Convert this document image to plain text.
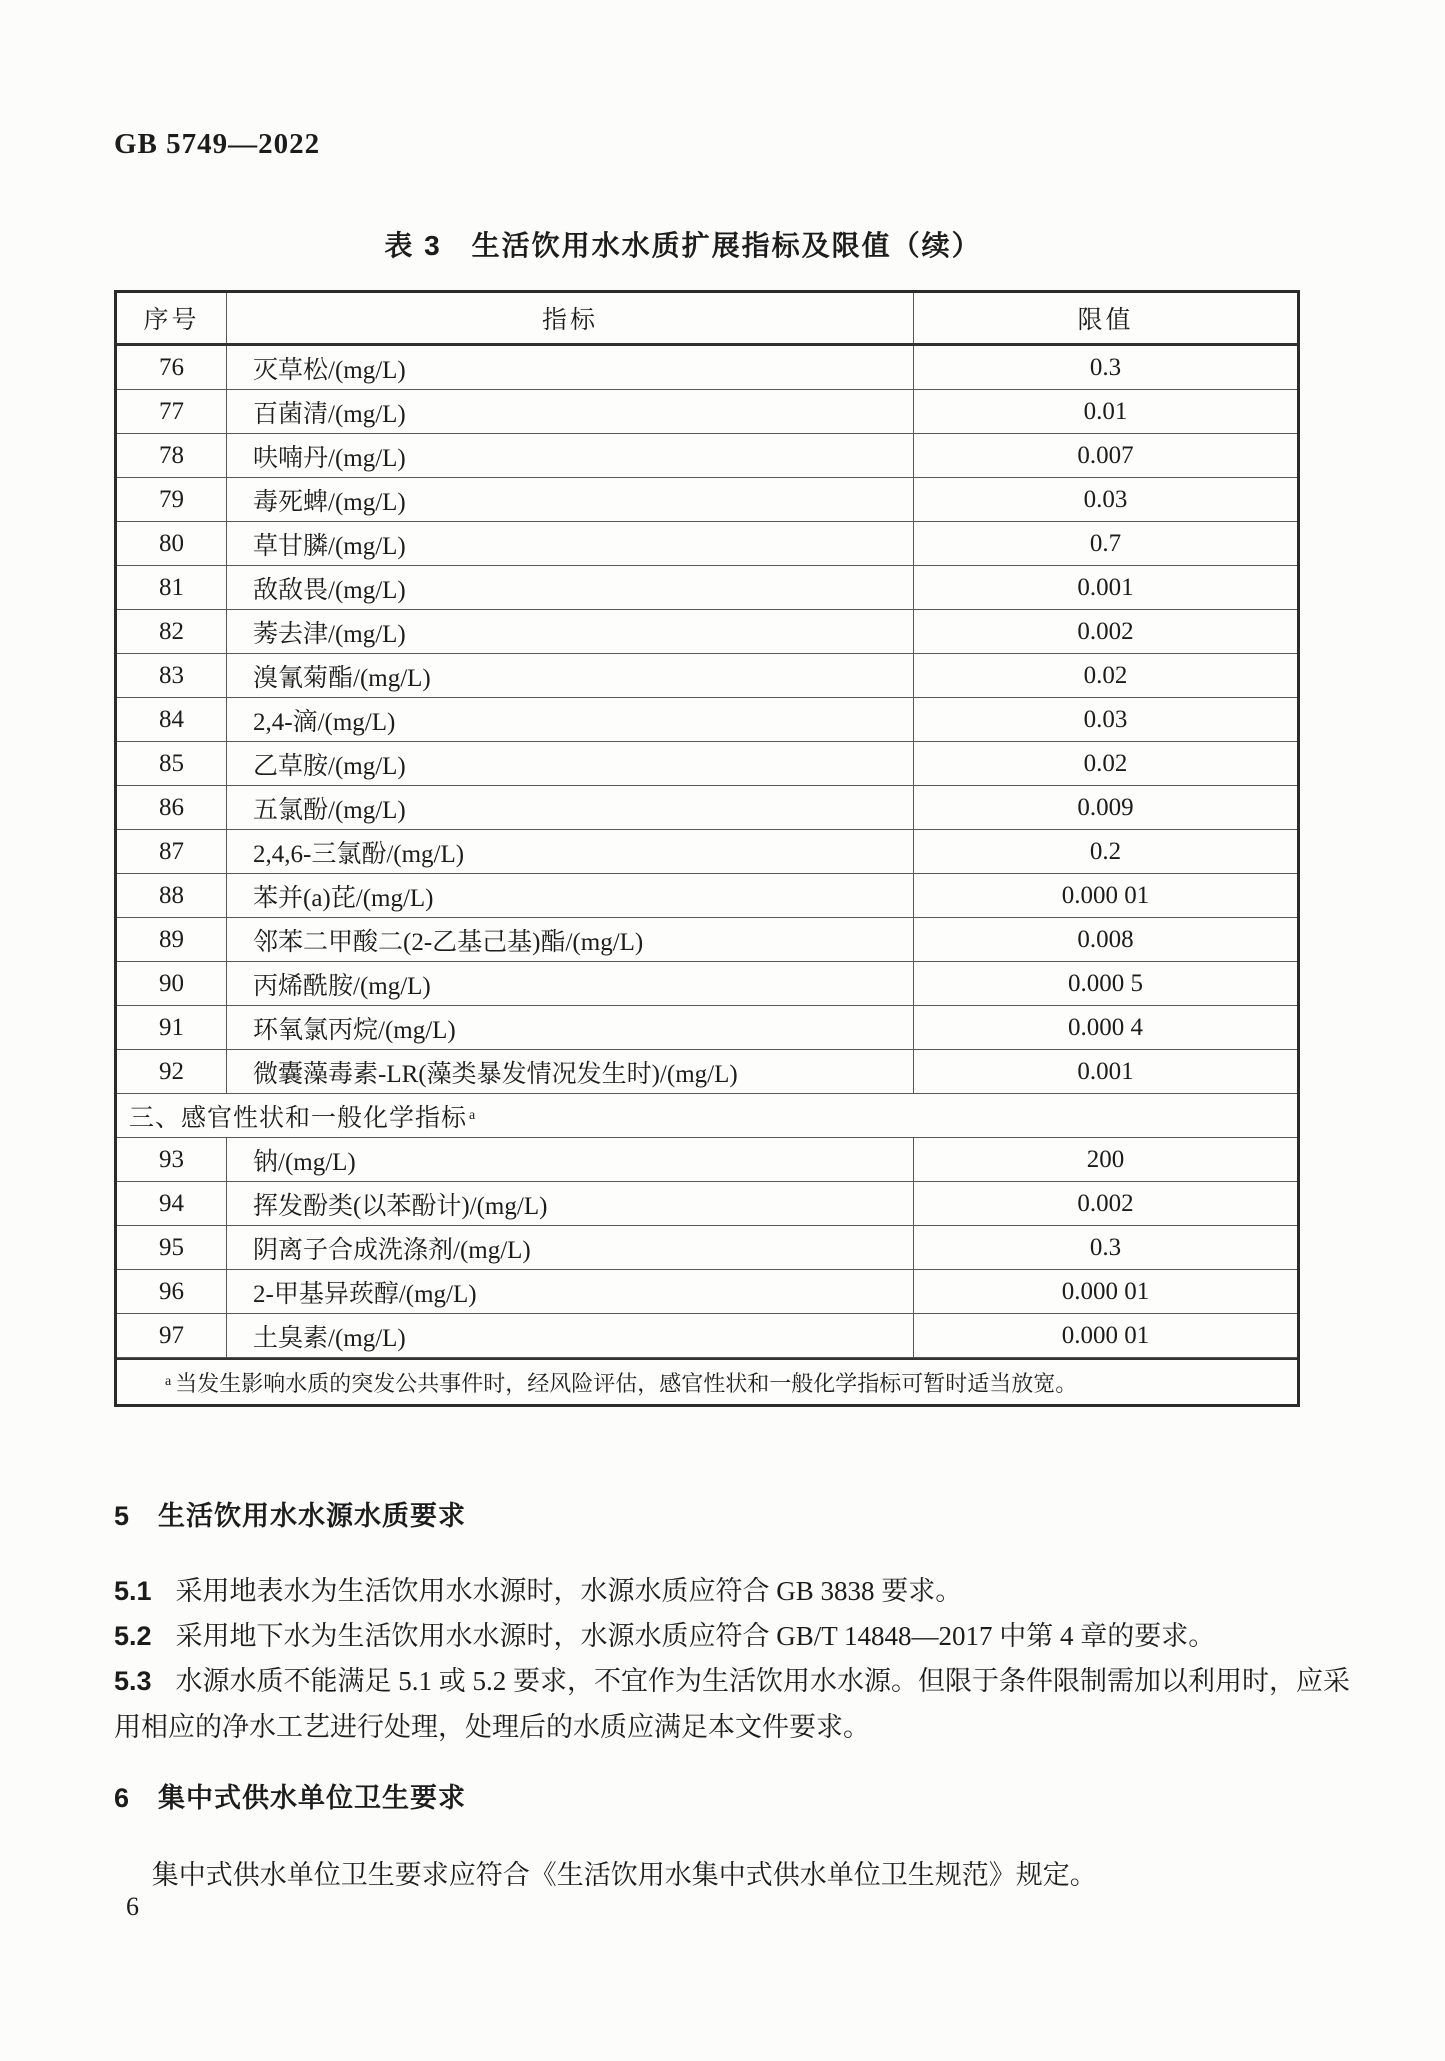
GB 5749—2022
表 3　生活饮用水水质扩展指标及限值（续）
序号	指标	限值
76	灭草松/(mg/L)	0.3
77	百菌清/(mg/L)	0.01
78	呋喃丹/(mg/L)	0.007
79	毒死蜱/(mg/L)	0.03
80	草甘膦/(mg/L)	0.7
81	敌敌畏/(mg/L)	0.001
82	莠去津/(mg/L)	0.002
83	溴氰菊酯/(mg/L)	0.02
84	2,4-滴/(mg/L)	0.03
85	乙草胺/(mg/L)	0.02
86	五氯酚/(mg/L)	0.009
87	2,4,6-三氯酚/(mg/L)	0.2
88	苯并(a)芘/(mg/L)	0.000 01
89	邻苯二甲酸二(2-乙基己基)酯/(mg/L)	0.008
90	丙烯酰胺/(mg/L)	0.000 5
91	环氧氯丙烷/(mg/L)	0.000 4
92	微囊藻毒素-LR(藻类暴发情况发生时)/(mg/L)	0.001
三、感官性状和一般化学指标 a
93	钠/(mg/L)	200
94	挥发酚类(以苯酚计)/(mg/L)	0.002
95	阴离子合成洗涤剂/(mg/L)	0.3
96	2-甲基异莰醇/(mg/L)	0.000 01
97	土臭素/(mg/L)	0.000 01
a 当发生影响水质的突发公共事件时，经风险评估，感官性状和一般化学指标可暂时适当放宽。
5 生活饮用水水源水质要求

5.1 采用地表水为生活饮用水水源时，水源水质应符合 GB 3838 要求。

5.2 采用地下水为生活饮用水水源时，水源水质应符合 GB/T 14848—2017 中第 4 章的要求。

5.3 水源水质不能满足 5.1 或 5.2 要求，不宜作为生活饮用水水源。但限于条件限制需加以利用时，应采用相应的净水工艺进行处理，处理后的水质应满足本文件要求。

6 集中式供水单位卫生要求

集中式供水单位卫生要求应符合《生活饮用水集中式供水单位卫生规范》规定。

6
